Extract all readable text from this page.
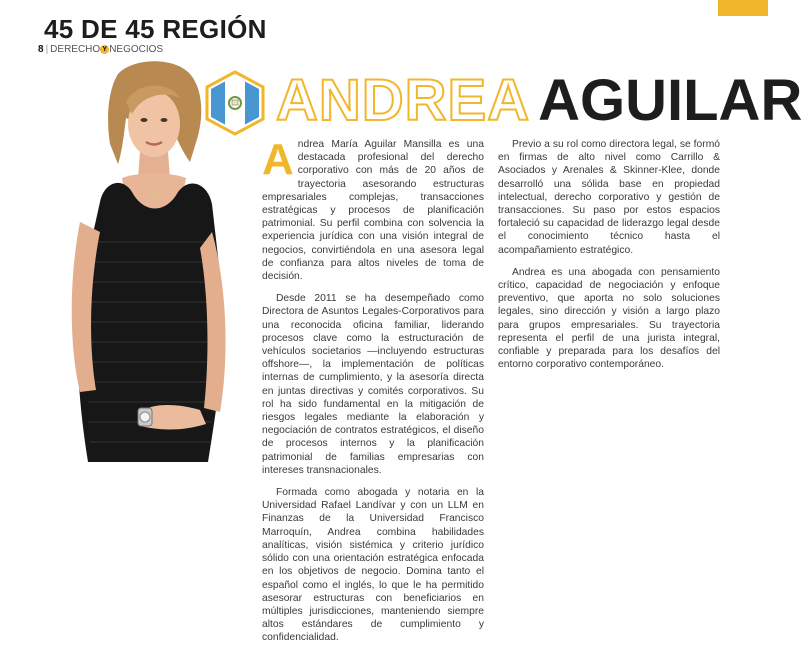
45 DE 45 REGIÓN
8 | DERECHO Y NEGOCIOS
ANDREA AGUILAR

Andrea María Aguilar Mansilla es una destacada profesional del derecho corporativo con más de 20 años de trayectoria asesorando estructuras empresariales complejas, transacciones estratégicas y procesos de planificación patrimonial. Su perfil combina con solvencia la experiencia jurídica con una visión integral de negocios, convirtiéndola en una asesora legal de confianza para altos niveles de toma de decisión.

Desde 2011 se ha desempeñado como Directora de Asuntos Legales-Corporativos para una reconocida oficina familiar, liderando procesos clave como la estructuración de vehículos societarios —incluyendo estructuras offshore—, la implementación de políticas internas de cumplimiento, y la asesoría directa en juntas directivas y comités corporativos. Su rol ha sido fundamental en la mitigación de riesgos legales mediante la elaboración y negociación de contratos estratégicos, el diseño de procesos internos y la planificación patrimonial de familias empresarias con intereses transnacionales.

Formada como abogada y notaria en la Universidad Rafael Landívar y con un LLM en Finanzas de la Universidad Francisco Marroquín, Andrea combina habilidades analíticas, visión sistémica y criterio jurídico sólido con una orientación estratégica enfocada en los objetivos de negocio. Domina tanto el español como el inglés, lo que le ha permitido asesorar estructuras con beneficiarios en múltiples jurisdicciones, manteniendo siempre altos estándares de cumplimiento y confidencialidad.

Previo a su rol como directora legal, se formó en firmas de alto nivel como Carrillo & Asociados y Arenales & Skinner-Klee, donde desarrolló una sólida base en propiedad intelectual, derecho corporativo y gestión de transacciones. Su paso por estos espacios fortaleció su capacidad de liderazgo legal desde el conocimiento técnico hasta el acompañamiento estratégico.

Andrea es una abogada con pensamiento crítico, capacidad de negociación y enfoque preventivo, que aporta no solo soluciones legales, sino dirección y visión a largo plazo para grupos empresariales. Su trayectoria representa el perfil de una jurista integral, confiable y preparada para los desafíos del entorno corporativo contemporáneo.
